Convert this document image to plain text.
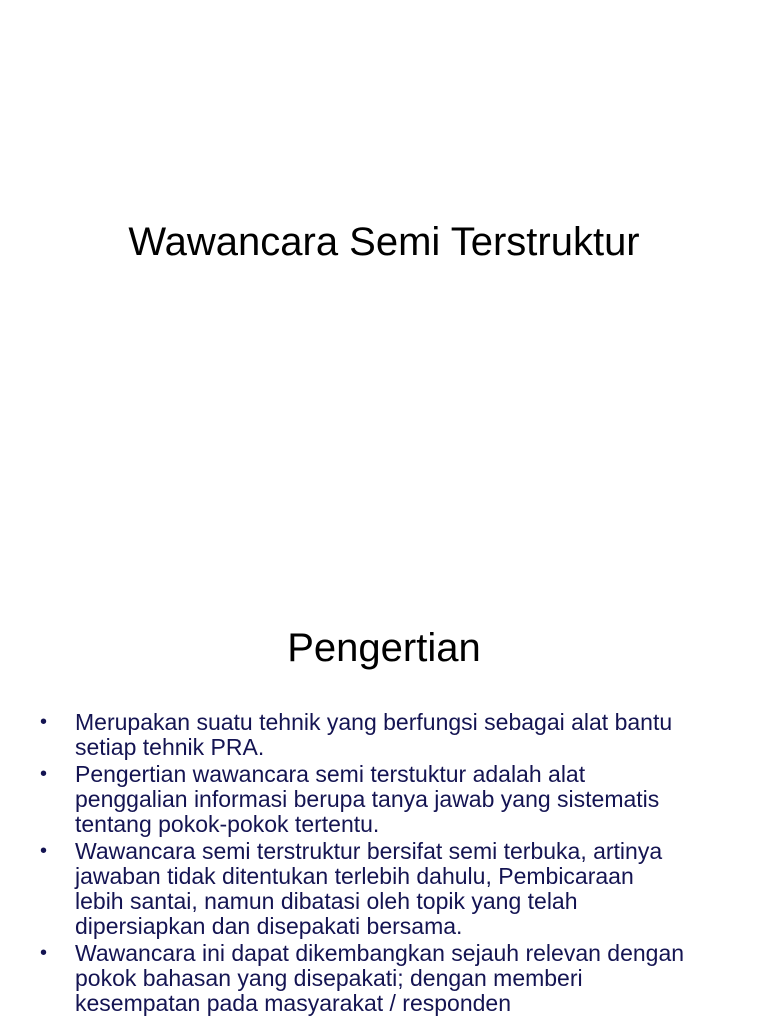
Wawancara Semi Terstruktur
Pengertian
• Merupakan suatu tehnik yang berfungsi sebagai alat bantu setiap tehnik PRA.
• Pengertian wawancara semi terstuktur adalah alat penggalian informasi berupa tanya jawab yang sistematis tentang pokok-pokok tertentu.
• Wawancara semi terstruktur bersifat semi terbuka, artinya jawaban tidak ditentukan terlebih dahulu, Pembicaraan lebih santai, namun dibatasi oleh topik yang telah dipersiapkan dan disepakati bersama.
• Wawancara ini dapat dikembangkan sejauh relevan dengan pokok bahasan yang disepakati; dengan memberi kesempatan pada masyarakat / responden
